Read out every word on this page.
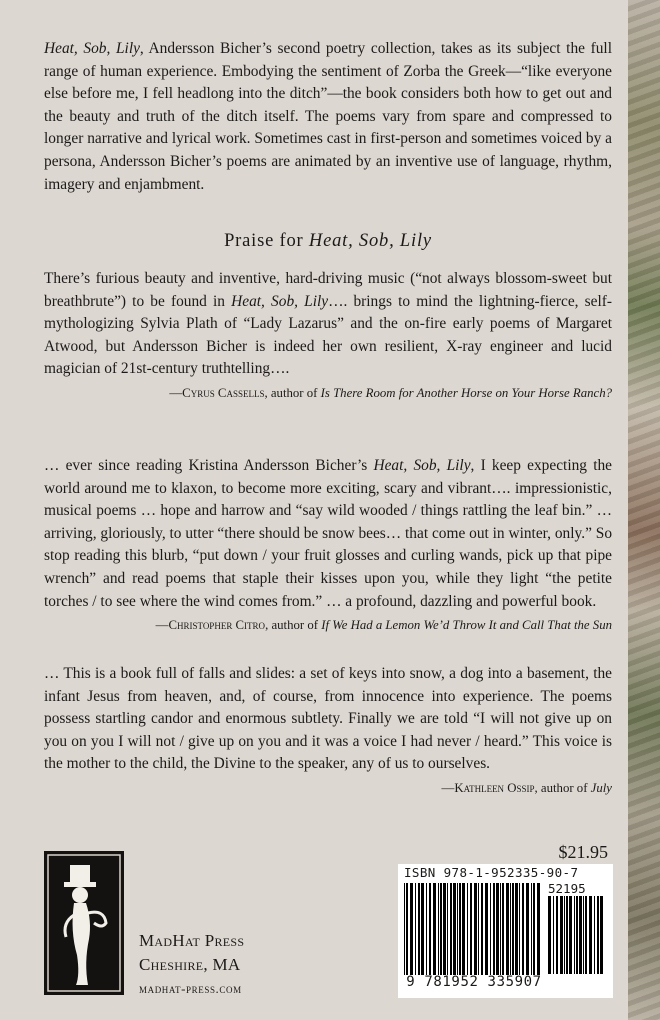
Heat, Sob, Lily, Andersson Bicher’s second poetry collection, takes as its subject the full range of human experience. Embodying the sentiment of Zorba the Greek—“like everyone else before me, I fell headlong into the ditch”—the book considers both how to get out and the beauty and truth of the ditch itself. The poems vary from spare and compressed to longer narrative and lyrical work. Sometimes cast in first-person and sometimes voiced by a persona, Andersson Bicher’s poems are animated by an inventive use of language, rhythm, imagery and enjambment.
Praise for Heat, Sob, Lily
There’s furious beauty and inventive, hard-driving music (“not always blossom-sweet but breathbrute”) to be found in Heat, Sob, Lily…. brings to mind the lightning-fierce, self-mythologizing Sylvia Plath of “Lady Lazarus” and the on-fire early poems of Margaret Atwood, but Andersson Bicher is indeed her own resilient, X-ray engineer and lucid magician of 21st-century truthtelling….
—Cyrus Cassells, author of Is There Room for Another Horse on Your Horse Ranch?
… ever since reading Kristina Andersson Bicher’s Heat, Sob, Lily, I keep expecting the world around me to klaxon, to become more exciting, scary and vibrant…. impressionistic, musical poems … hope and harrow and “say wild wooded / things rattling the leaf bin.” … arriving, gloriously, to utter “there should be snow bees… that come out in winter, only.” So stop reading this blurb, “put down / your fruit glosses and curling wands, pick up that pipe wrench” and read poems that staple their kisses upon you, while they light “the petite torches / to see where the wind comes from.” … a profound, dazzling and powerful book.
—Christopher Citro, author of If We Had a Lemon We’d Throw It and Call That the Sun
… This is a book full of falls and slides: a set of keys into snow, a dog into a basement, the infant Jesus from heaven, and, of course, from innocence into experience. The poems possess startling candor and enormous subtlety. Finally we are told “I will not give up on you on you I will not / give up on you and it was a voice I had never / heard.” This voice is the mother to the child, the Divine to the speaker, any of us to ourselves.
—Kathleen Ossip, author of July
MadHat Press
Cheshire, MA
madhat-press.com
$21.95
ISBN 978-1-952335-90-7
52195
9 781952 335907
